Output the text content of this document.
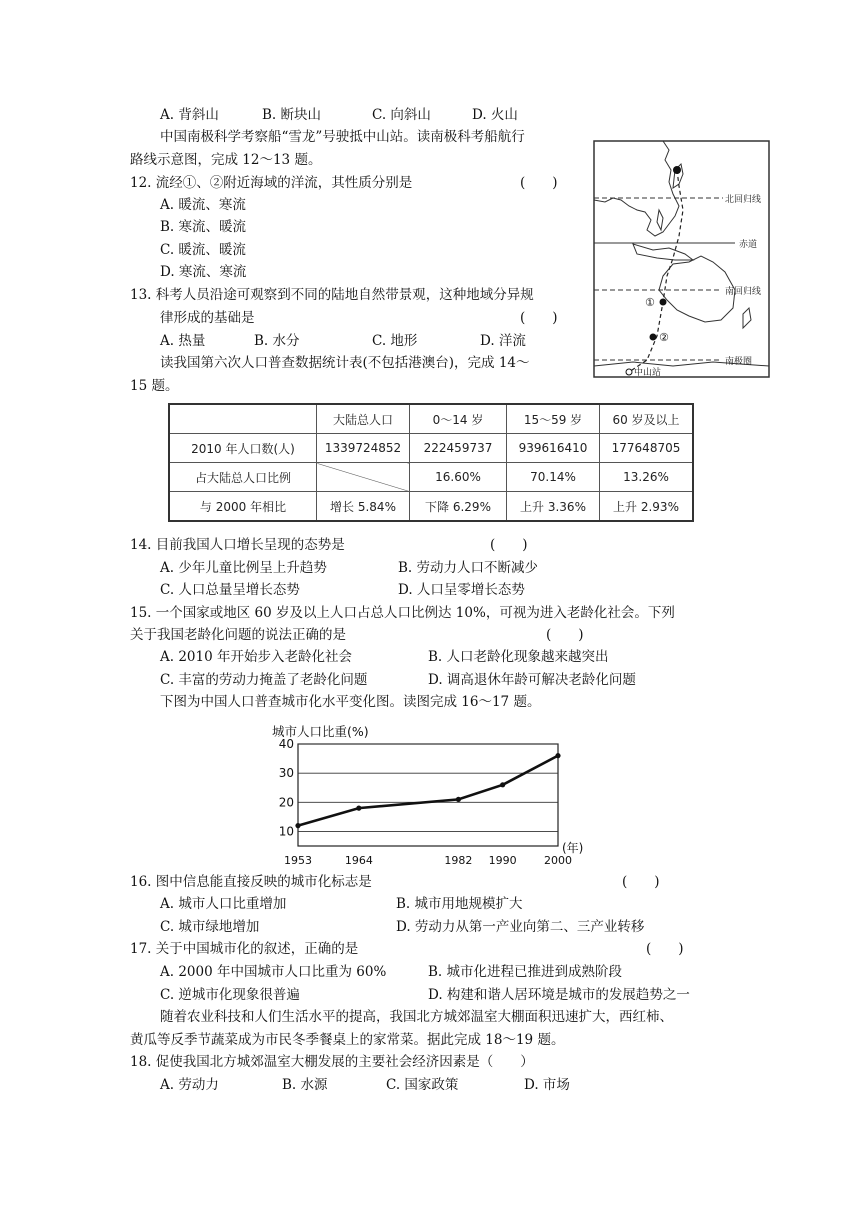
A. 背斜山	B. 断块山	C. 向斜山	D. 火山
中国南极科学考察船“雪龙”号驶抵中山站。读南极科考船航行
路线示意图，完成 12～13 题。
12. 流经①、②附近海域的洋流，其性质分别是	(　　)
A. 暖流、寒流
B. 寒流、暖流
C. 暖流、暖流
D. 寒流、寒流
13. 科考人员沿途可观察到不同的陆地自然带景观，这种地域分异规
律形成的基础是	(　　)
A. 热量	B. 水分	C. 地形	D. 洋流
读我国第六次人口普查数据统计表(不包括港澳台)，完成 14～
15 题。
北回归线
赤道
南回归线
南极圈
①
②
中山站
	大陆总人口	0～14 岁	15～59 岁	60 岁及以上
2010 年人口数(人)	1339724852	222459737	939616410	177648705
占大陆总人口比例		16.60%	70.14%	13.26%
与 2000 年相比	增长 5.84%	下降 6.29%	上升 3.36%	上升 2.93%
14. 目前我国人口增长呈现的态势是	(　　)
A. 少年儿童比例呈上升趋势	B. 劳动力人口不断减少
C. 人口总量呈增长态势	D. 人口呈零增长态势
15. 一个国家或地区 60 岁及以上人口占总人口比例达 10%，可视为进入老龄化社会。下列
关于我国老龄化问题的说法正确的是	(　　)
A. 2010 年开始步入老龄化社会	B. 人口老龄化现象越来越突出
C. 丰富的劳动力掩盖了老龄化问题	D. 调高退休年龄可解决老龄化问题
下图为中国人口普查城市化水平变化图。读图完成 16～17 题。
城市人口比重(%)
10
20
30
40
1953	1964	1982 1990 2000
(年)
16. 图中信息能直接反映的城市化标志是	(　　)
A. 城市人口比重增加	B. 城市用地规模扩大
C. 城市绿地增加	D. 劳动力从第一产业向第二、三产业转移
17. 关于中国城市化的叙述，正确的是	(　　)
A. 2000 年中国城市人口比重为 60%	B. 城市化进程已推进到成熟阶段
C. 逆城市化现象很普遍	D. 构建和谐人居环境是城市的发展趋势之一
随着农业科技和人们生活水平的提高，我国北方城郊温室大棚面积迅速扩大，西红柿、
黄瓜等反季节蔬菜成为市民冬季餐桌上的家常菜。据此完成 18～19 题。
18. 促使我国北方城郊温室大棚发展的主要社会经济因素是（　　）
A. 劳动力	B. 水源	C. 国家政策	D. 市场
